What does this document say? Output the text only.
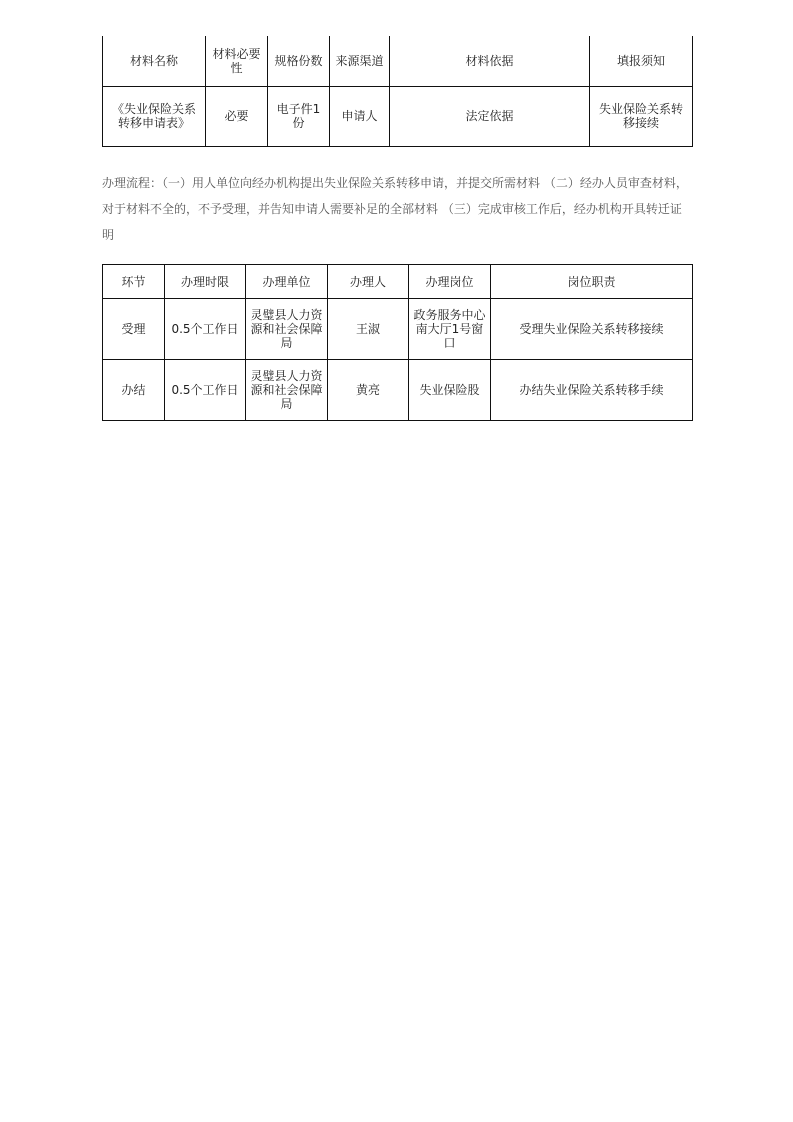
材料名称	材料必要性	规格份数	来源渠道	材料依据	填报须知
《失业保险关系转移申请表》	必要	电子件1份	申请人	法定依据	失业保险关系转移接续

办理流程：（一）用人单位向经办机构提出失业保险关系转移申请，并提交所需材料 （二）经办人员审查材料，对于材料不全的，不予受理，并告知申请人需要补足的全部材料 （三）完成审核工作后，经办机构开具转迁证明

环节	办理时限	办理单位	办理人	办理岗位	岗位职责
受理	0.5个工作日	灵璧县人力资源和社会保障局	王淑	政务服务中心南大厅1号窗口	受理失业保险关系转移接续
办结	0.5个工作日	灵璧县人力资源和社会保障局	黄亮	失业保险股	办结失业保险关系转移手续
